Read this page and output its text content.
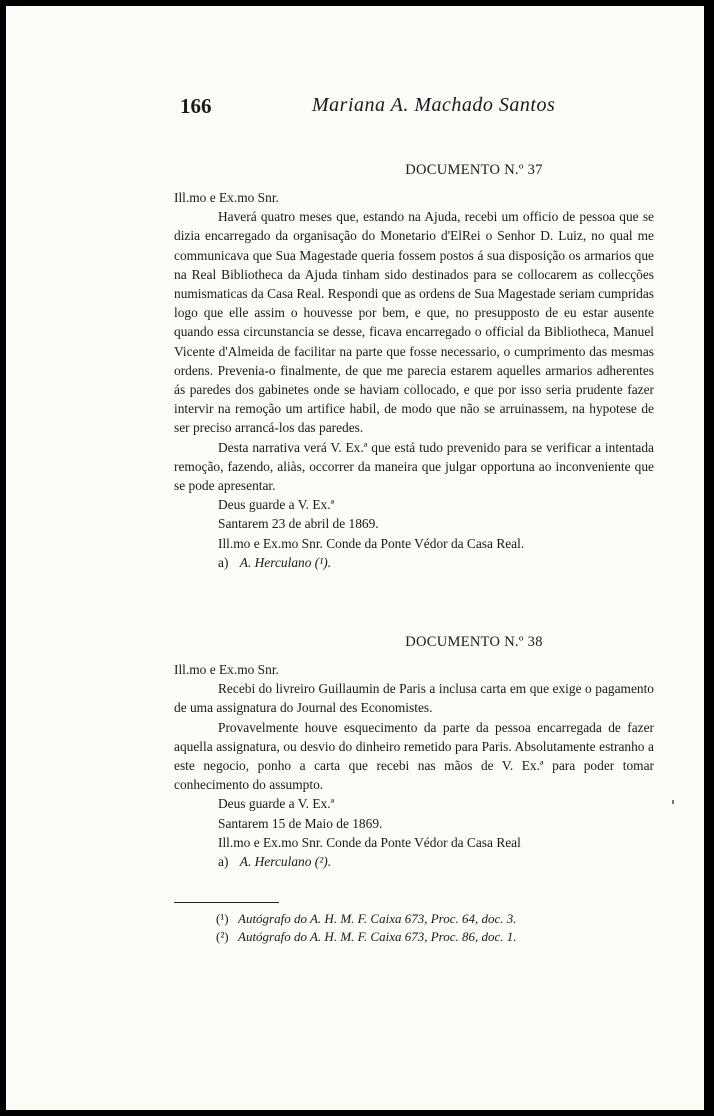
166	Mariana A. Machado Santos
DOCUMENTO N.º 37

Ill.mo e Ex.mo Snr.

Haverá quatro meses que, estando na Ajuda, recebi um officio de pessoa que se dizia encarregado da organisação do Monetario d'ElRei o Senhor D. Luiz, no qual me communicava que Sua Magestade queria fossem postos á sua disposição os armarios que na Real Bibliotheca da Ajuda tinham sido destinados para se collocarem as collecções numismaticas da Casa Real. Respondi que as ordens de Sua Magestade seriam cumpridas logo que elle assim o houvesse por bem, e que, no presupposto de eu estar ausente quando essa circunstancia se desse, ficava encarregado o official da Bibliotheca, Manuel Vicente d'Almeida de facilitar na parte que fosse necessario, o cumprimento das mesmas ordens. Prevenia-o finalmente, de que me parecia estarem aquelles armarios adherentes ás paredes dos gabinetes onde se haviam collocado, e que por isso seria prudente fazer intervir na remoção um artifice habil, de modo que não se arruinassem, na hypotese de ser preciso arrancá-los das paredes.

Desta narrativa verá V. Ex.ª que está tudo prevenido para se verificar a intentada remoção, fazendo, aliàs, occorrer da maneira que julgar opportuna ao inconveniente que se pode apresentar.

Deus guarde a V. Ex.ª

Santarem 23 de abril de 1869.

Ill.mo e Ex.mo Snr. Conde da Ponte Védor da Casa Real.

a) A. Herculano (¹).

DOCUMENTO N.º 38

Ill.mo e Ex.mo Snr.

Recebi do livreiro Guillaumin de Paris a inclusa carta em que exige o pagamento de uma assignatura do Journal des Economistes.

Provavelmente houve esquecimento da parte da pessoa encarregada de fazer aquella assignatura, ou desvio do dinheiro remetido para Paris. Absolutamente estranho a este negocio, ponho a carta que recebi nas mãos de V. Ex.ª para poder tomar conhecimento do assumpto.

Deus guarde a V. Ex.ª

Santarem 15 de Maio de 1869.

Ill.mo e Ex.mo Snr. Conde da Ponte Védor da Casa Real

a) A. Herculano (²).

(¹) Autógrafo do A. H. M. F. Caixa 673, Proc. 64, doc. 3.

(²) Autógrafo do A. H. M. F. Caixa 673, Proc. 86, doc. 1.
